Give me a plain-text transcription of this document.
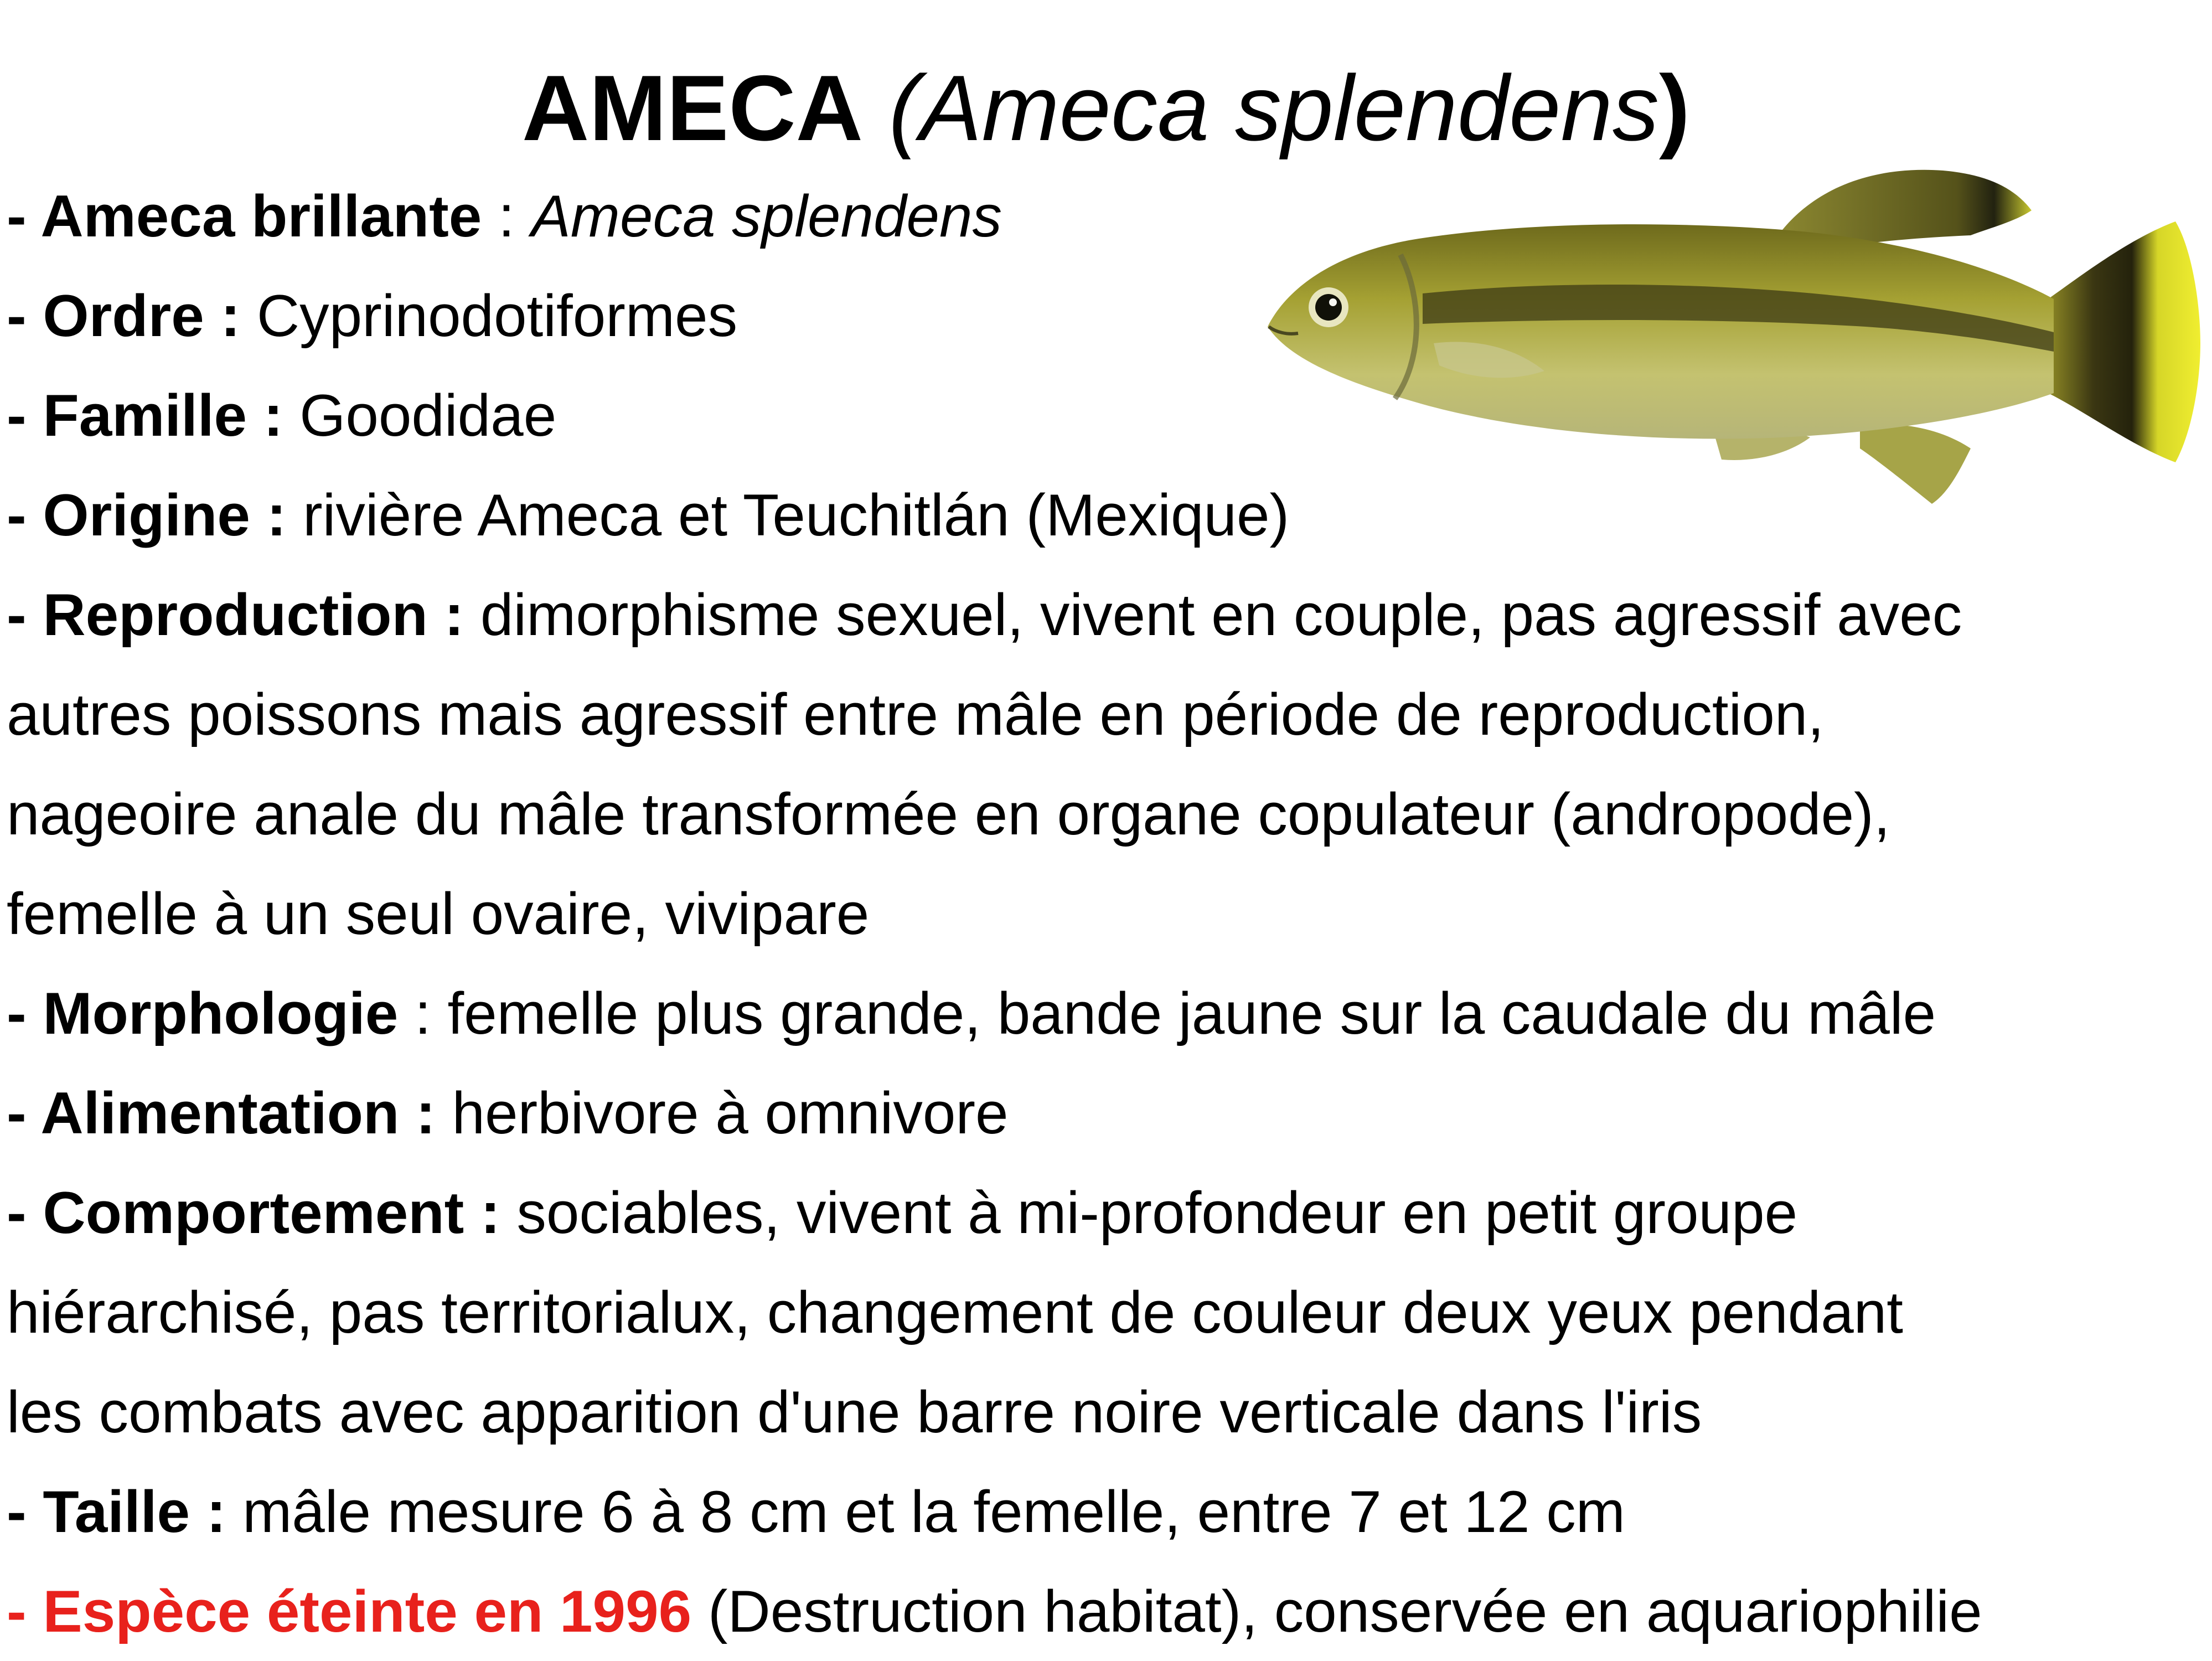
AMECA (Ameca splendens)
- Ameca brillante : Ameca splendens
- Ordre : Cyprinodotiformes
- Famille : Goodidae
- Origine : rivière Ameca et Teuchitlán (Mexique)
- Reproduction : dimorphisme sexuel, vivent en couple, pas agressif avec
autres poissons mais agressif entre mâle en période de reproduction,
nageoire anale du mâle transformée en organe copulateur (andropode),
femelle à un seul ovaire, vivipare
- Morphologie : femelle plus grande, bande jaune sur la caudale du mâle
- Alimentation : herbivore à omnivore
- Comportement : sociables, vivent à mi-profondeur en petit groupe
hiérarchisé, pas territorialux, changement de couleur deux yeux pendant
les combats avec apparition d'une barre noire verticale dans l'iris
- Taille : mâle mesure 6 à 8 cm et la femelle, entre 7 et 12 cm
- Espèce éteinte en 1996 (Destruction habitat), conservée en aquariophilie
